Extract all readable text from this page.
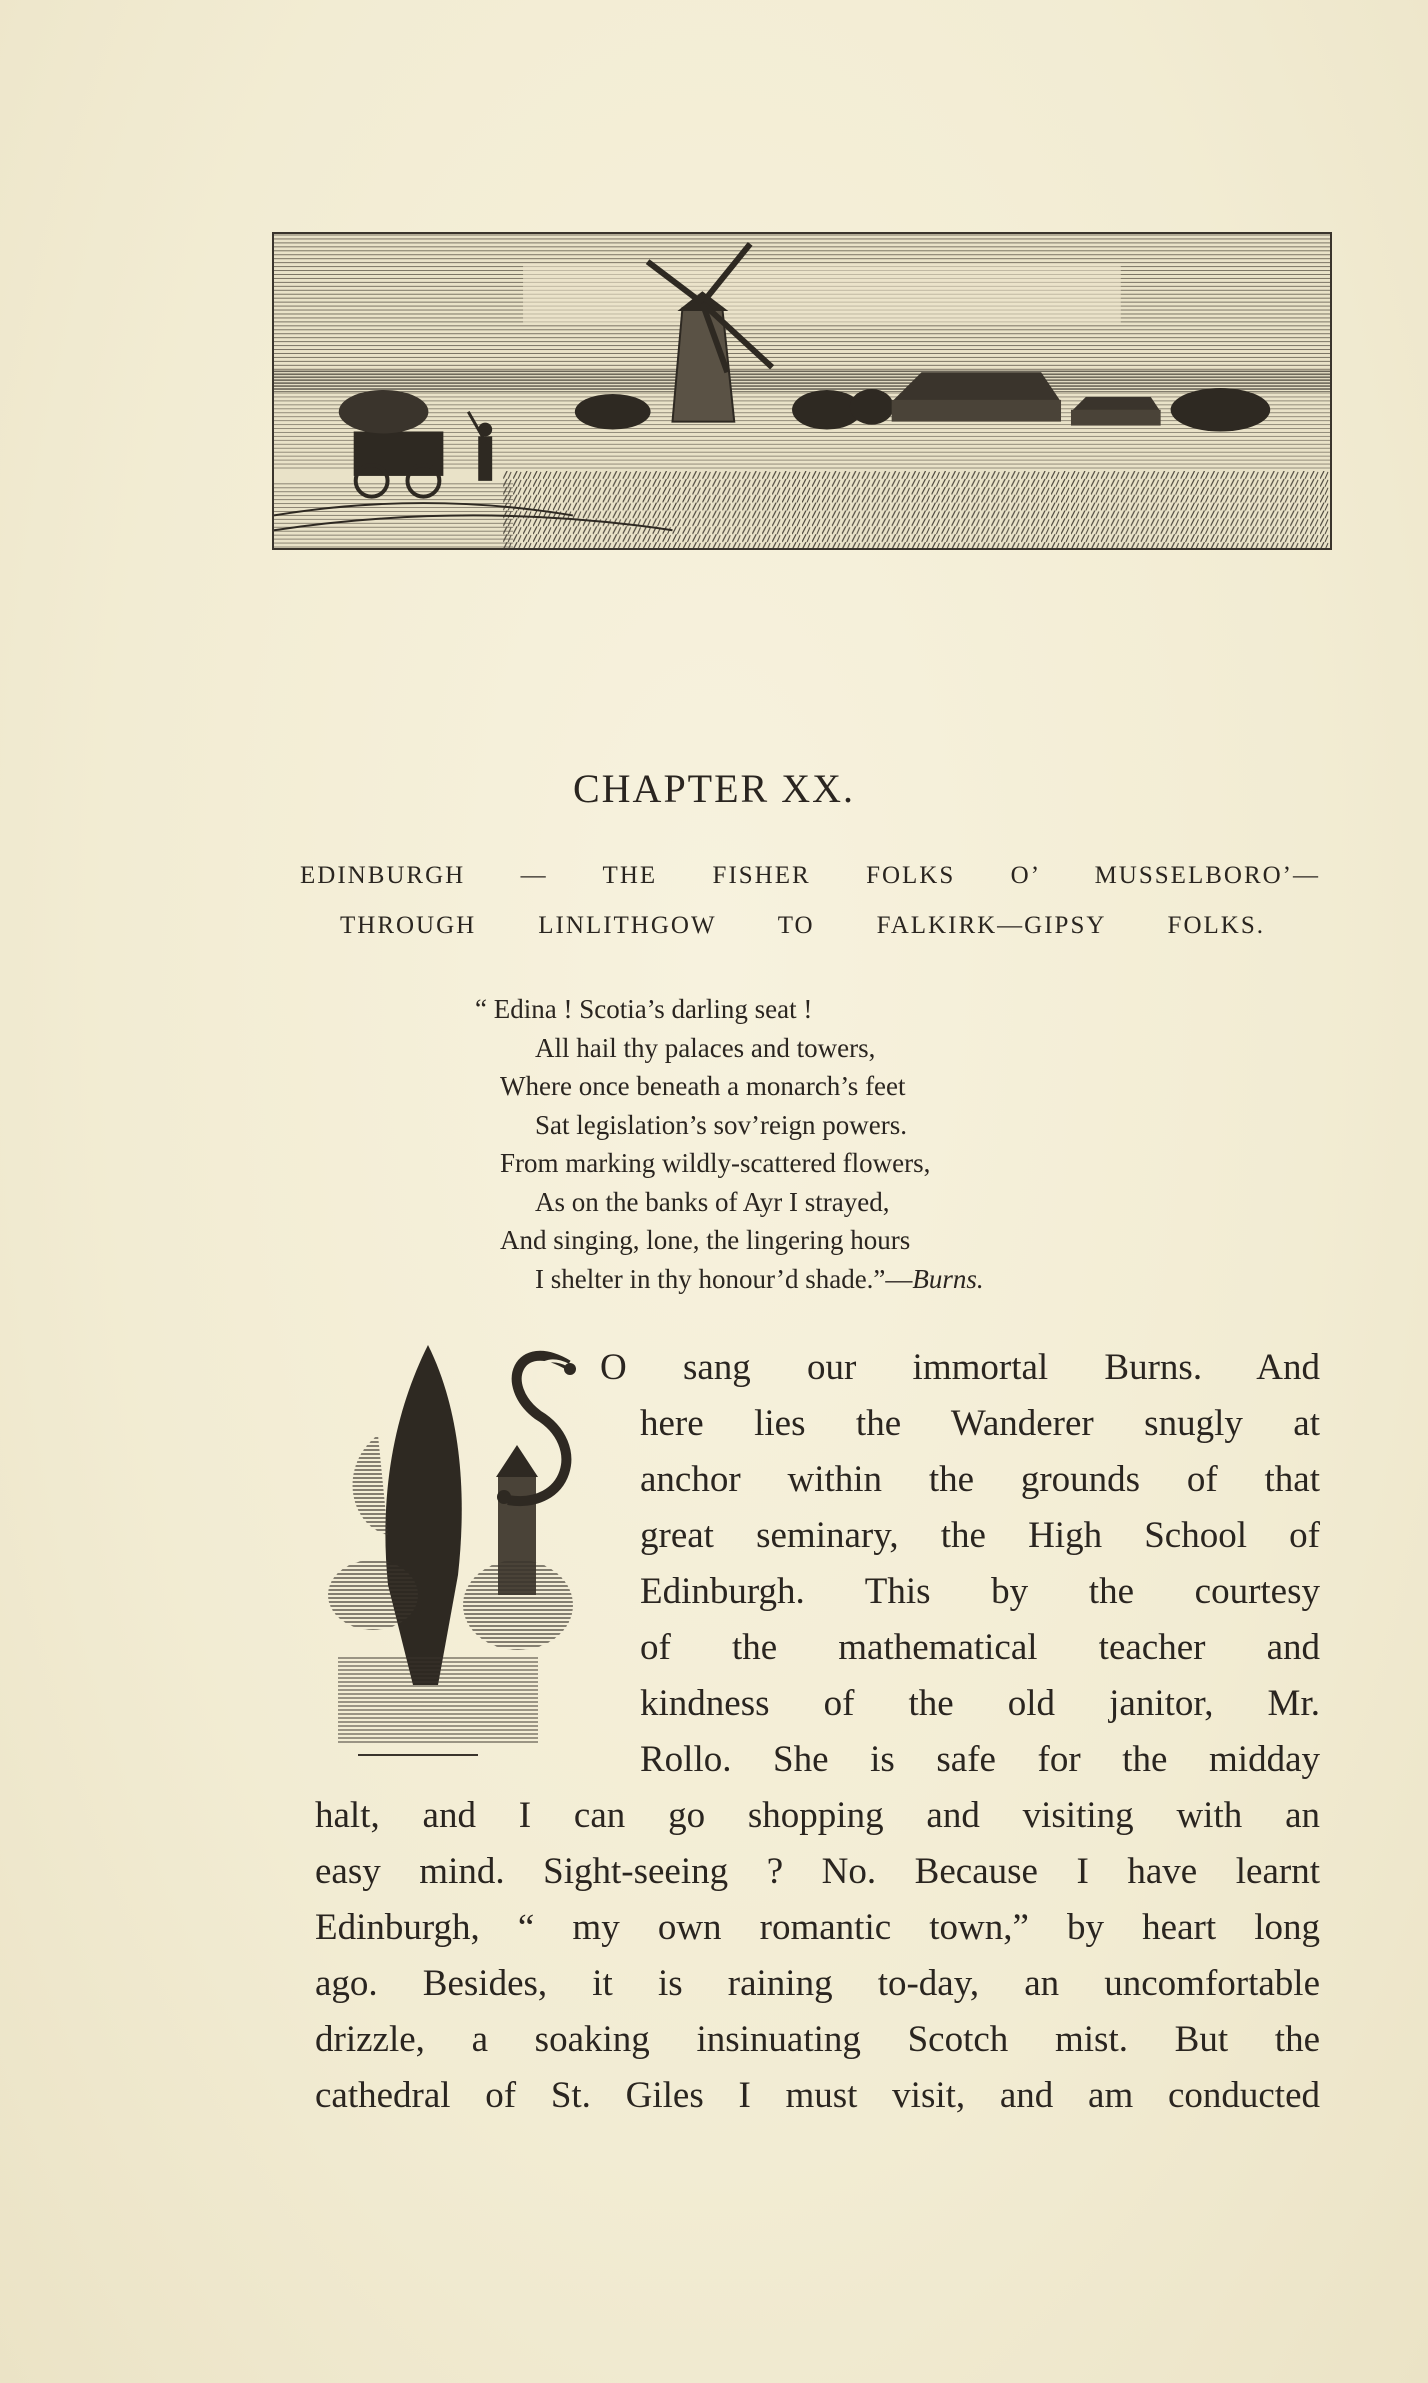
CHAPTER XX.
EDINBURGH — THE FISHER FOLKS O’ MUSSELBORO’—
THROUGH LINLITHGOW TO FALKIRK—GIPSY FOLKS.
“ Edina ! Scotia’s darling seat !
All hail thy palaces and towers,
Where once beneath a monarch’s feet
Sat legislation’s sov’reign powers.
From marking wildly-scattered flowers,
As on the banks of Ayr I strayed,
And singing, lone, the lingering hours
I shelter in thy honour’d shade.”—Burns.
O sang our immortal Burns. And
here lies the Wanderer snugly at
anchor within the grounds of that
great seminary, the High School of
Edinburgh. This by the courtesy
of the mathematical teacher and
kindness of the old janitor, Mr.
Rollo. She is safe for the midday
halt, and I can go shopping and visiting with an
easy mind. Sight-seeing ? No. Because I have learnt
Edinburgh, “ my own romantic town,” by heart long
ago. Besides, it is raining to-day, an uncomfortable
drizzle, a soaking insinuating Scotch mist. But the
cathedral of St. Giles I must visit, and am conducted
